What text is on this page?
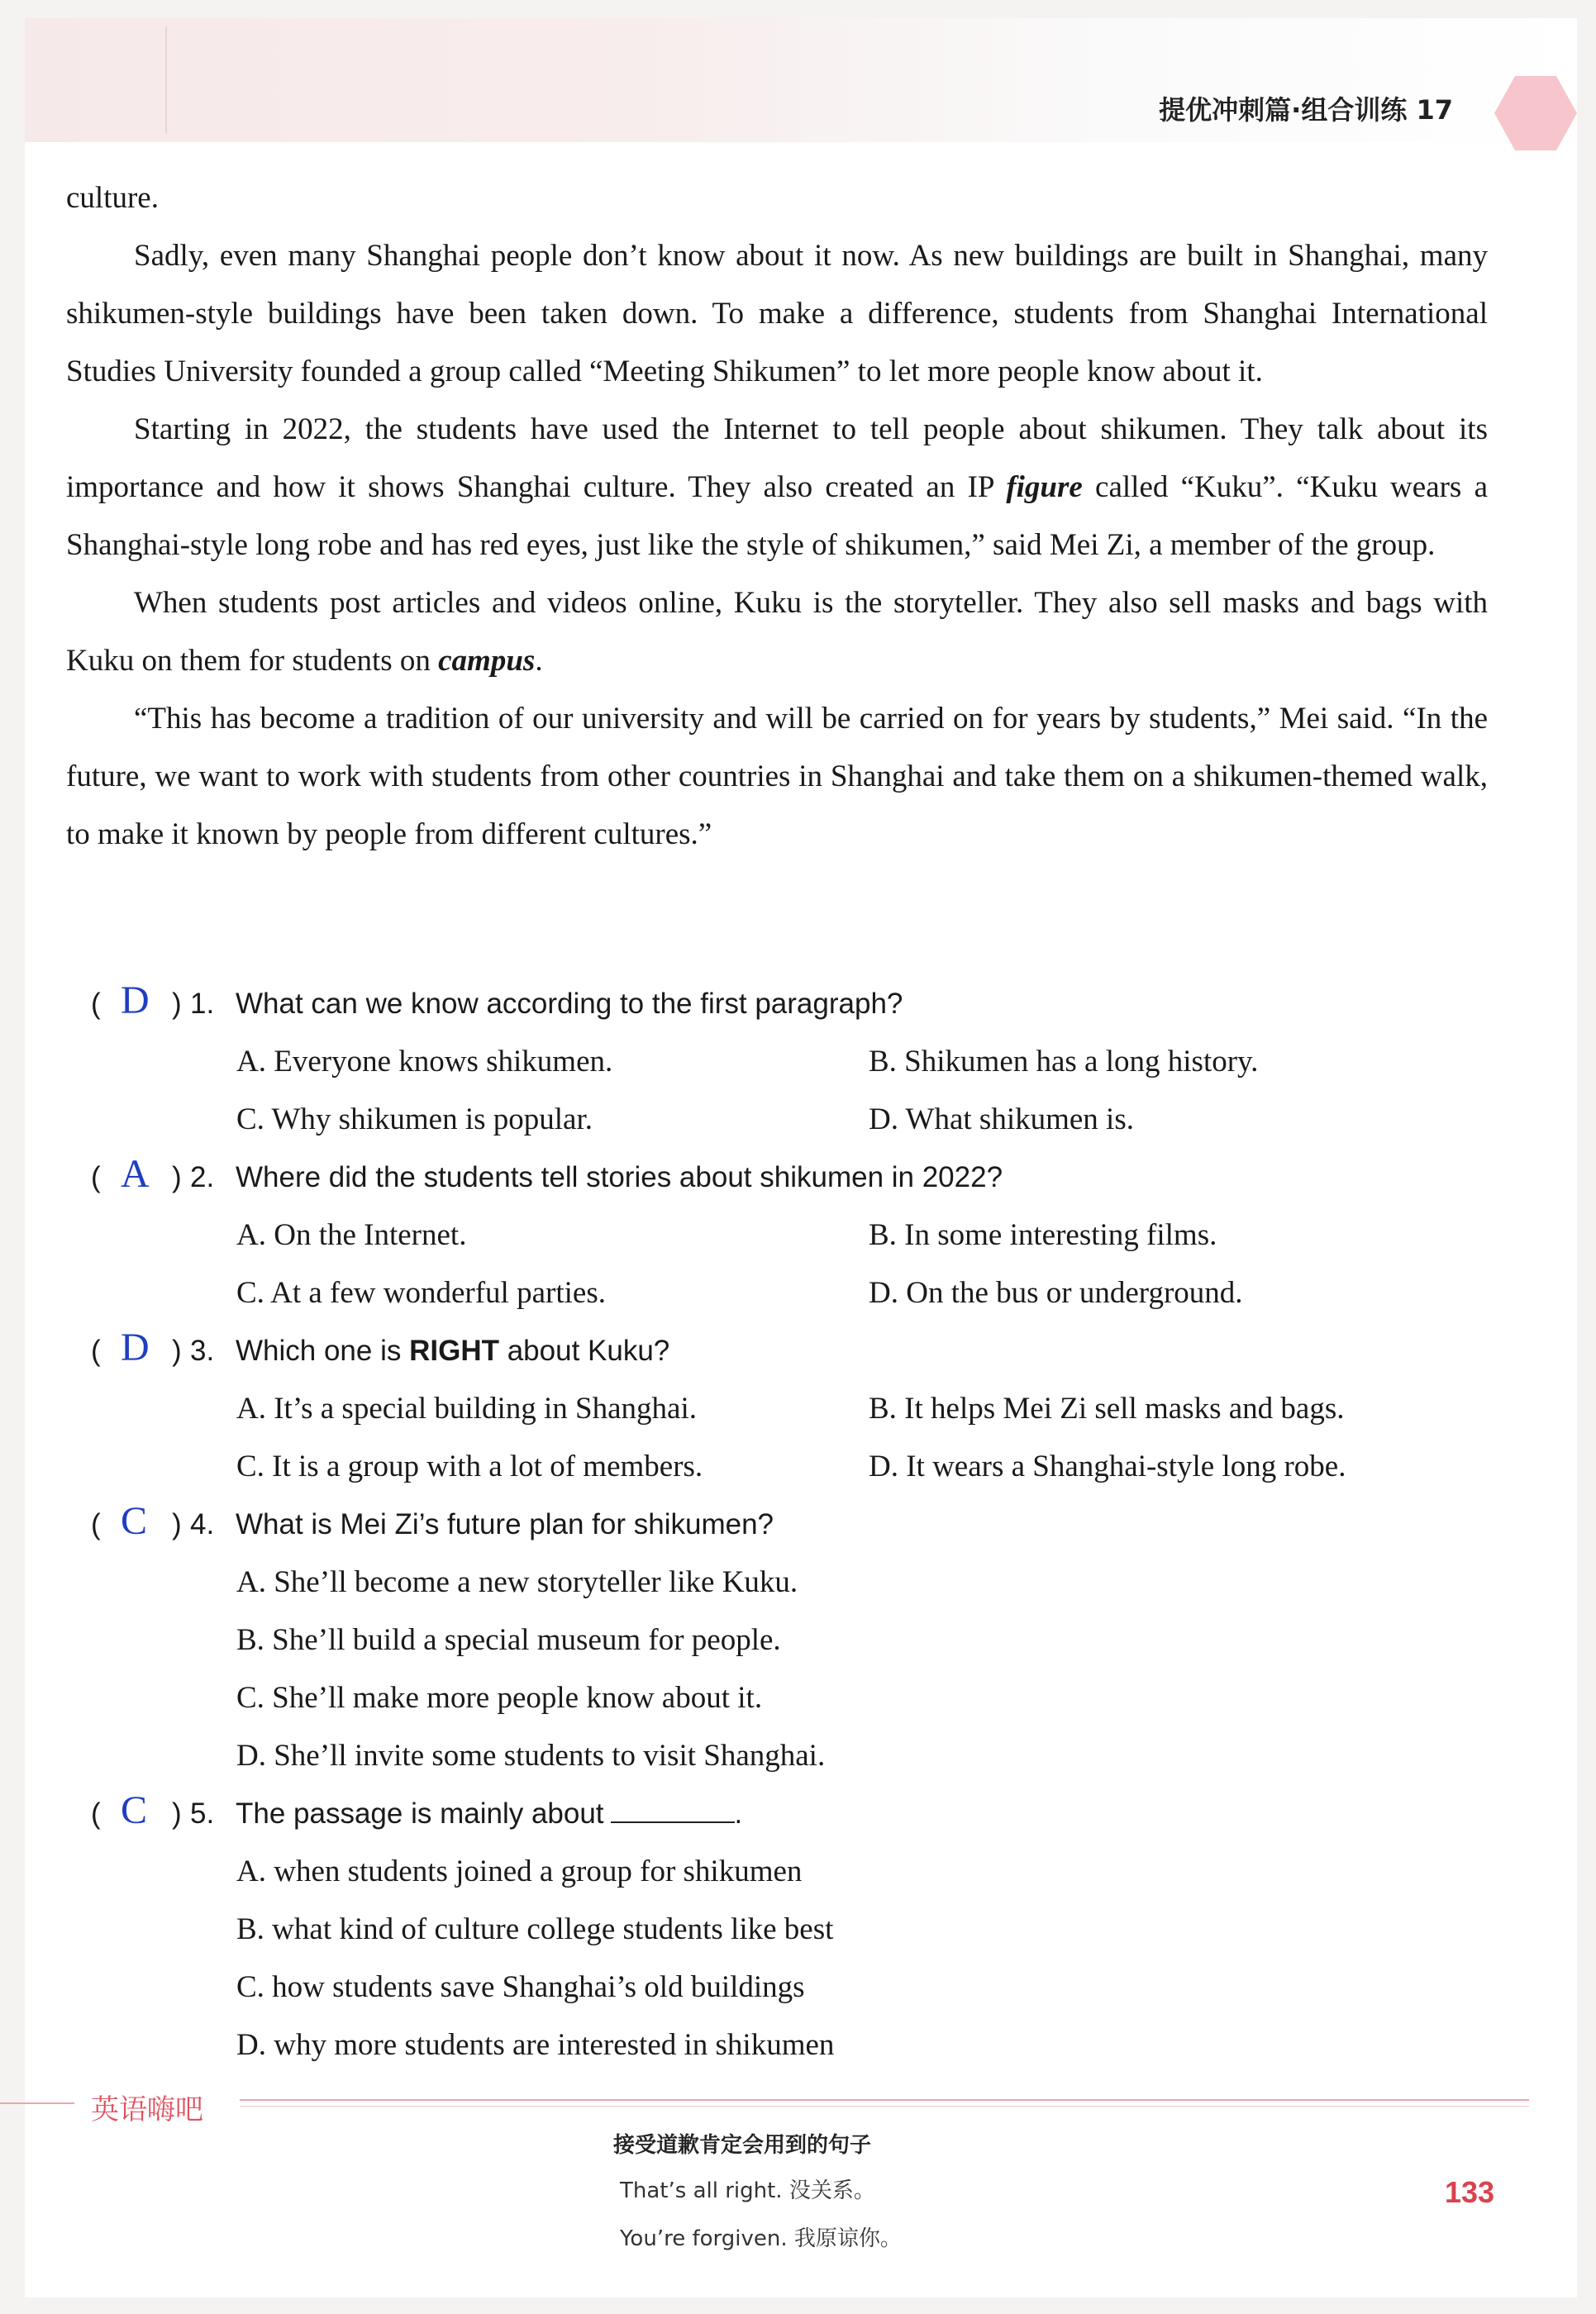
提优冲刺篇·组合训练 17

culture.

Sadly, even many Shanghai people don’t know about it now. As new buildings are built in Shanghai, many shikumen-style buildings have been taken down. To make a difference, students from Shanghai International Studies University founded a group called “Meeting Shikumen” to let more people know about it.

Starting in 2022, the students have used the Internet to tell people about shikumen. They talk about its importance and how it shows Shanghai culture. They also created an IP figure called “Kuku”. “Kuku wears a Shanghai-style long robe and has red eyes, just like the style of shikumen,” said Mei Zi, a member of the group.

When students post articles and videos online, Kuku is the storyteller. They also sell masks and bags with Kuku on them for students on campus.

“This has become a tradition of our university and will be carried on for years by students,” Mei said. “In the future, we want to work with students from other countries in Shanghai and take them on a shikumen-themed walk, to make it known by people from different cultures.”

( D ) 1. What can we know according to the first paragraph?
A. Everyone knows shikumen.	B. Shikumen has a long history.
C. Why shikumen is popular.	D. What shikumen is.
( A ) 2. Where did the students tell stories about shikumen in 2022?
A. On the Internet.	B. In some interesting films.
C. At a few wonderful parties.	D. On the bus or underground.
( D ) 3. Which one is RIGHT about Kuku?
A. It’s a special building in Shanghai.	B. It helps Mei Zi sell masks and bags.
C. It is a group with a lot of members.	D. It wears a Shanghai-style long robe.
( C ) 4. What is Mei Zi’s future plan for shikumen?
A. She’ll become a new storyteller like Kuku.
B. She’ll build a special museum for people.
C. She’ll make more people know about it.
D. She’ll invite some students to visit Shanghai.
( C ) 5. The passage is mainly about	.
A. when students joined a group for shikumen
B. what kind of culture college students like best
C. how students save Shanghai’s old buildings
D. why more students are interested in shikumen
英语嗨吧
接受道歉肯定会用到的句子
That’s all right. 没关系。
You’re forgiven. 我原谅你。
133
